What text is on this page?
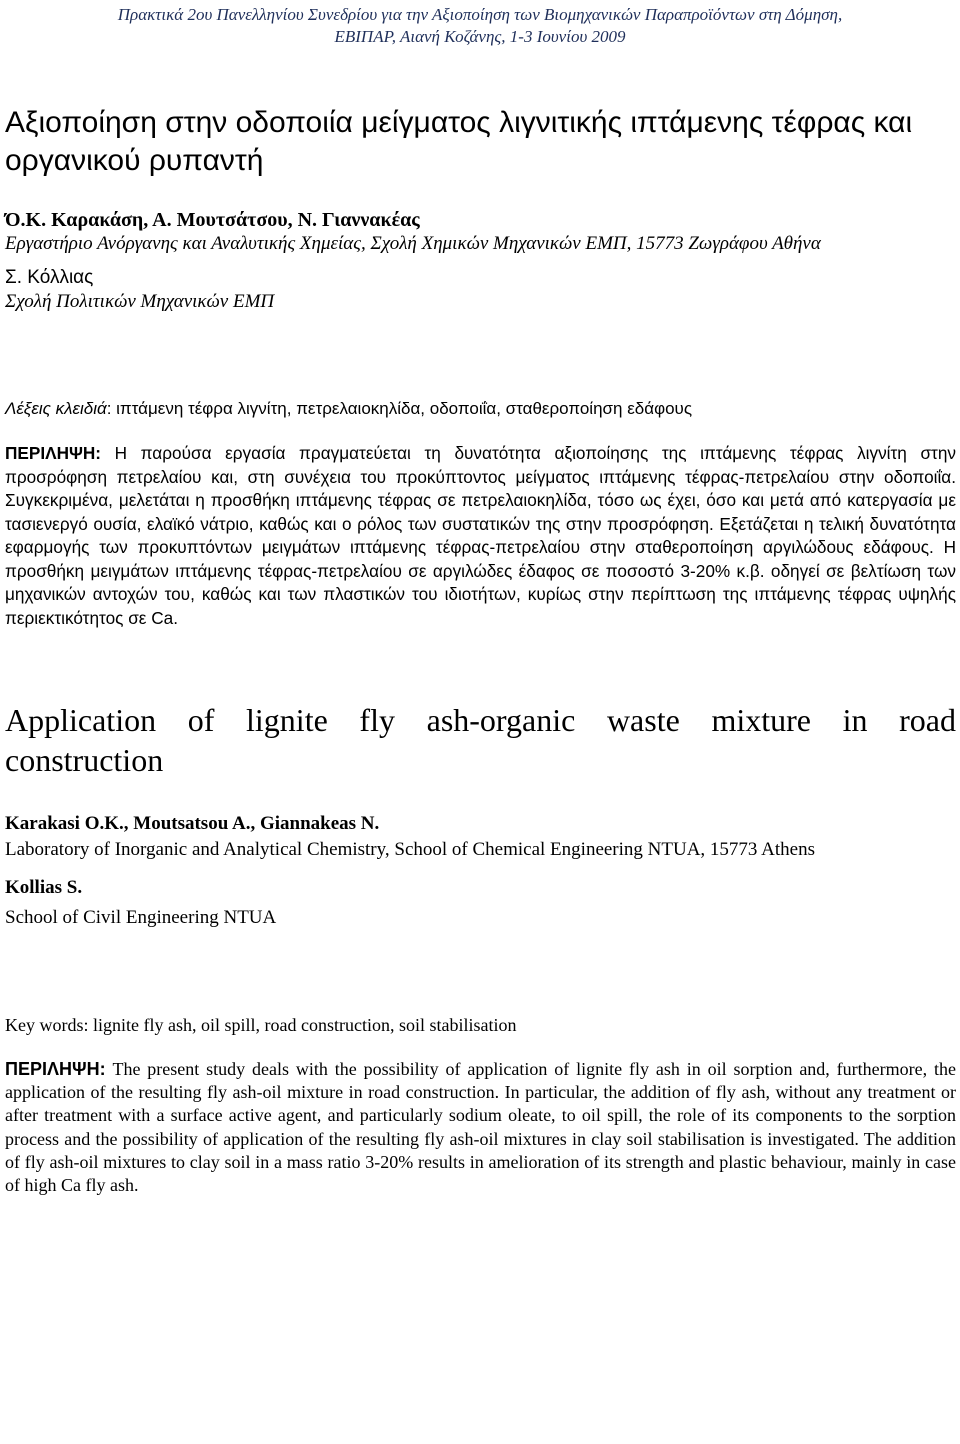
Πρακτικά 2ου Πανελληνίου Συνεδρίου για την Αξιοποίηση των Βιομηχανικών Παραπροϊόντων στη Δόμηση,
ΕΒΙΠΑΡ, Αιανή Κοζάνης, 1-3 Ιουνίου 2009
Αξιοποίηση στην οδοποιία μείγματος λιγνιτικής ιπτάμενης τέφρας και οργανικού ρυπαντή
Ό.Κ. Καρακάση, Α. Μουτσάτσου, Ν. Γιαννακέας
Εργαστήριο Ανόργανης και Αναλυτικής Χημείας, Σχολή Χημικών Μηχανικών ΕΜΠ, 15773 Ζωγράφου Αθήνα
Σ. Κόλλιας
Σχολή Πολιτικών Μηχανικών ΕΜΠ

Λέξεις κλειδιά: ιπτάμενη τέφρα λιγνίτη, πετρελαιοκηλίδα, οδοποιΐα, σταθεροποίηση εδάφους

ΠΕΡΙΛΗΨΗ: Η παρούσα εργασία πραγματεύεται τη δυνατότητα αξιοποίησης της ιπτάμενης τέφρας λιγνίτη στην προσρόφηση πετρελαίου και, στη συνέχεια του προκύπτοντος μείγματος ιπτάμενης τέφρας-πετρελαίου στην οδοποιΐα. Συγκεκριμένα, μελετάται η προσθήκη ιπτάμενης τέφρας σε πετρελαιοκηλίδα, τόσο ως έχει, όσο και μετά από κατεργασία με τασιενεργό ουσία, ελαϊκό νάτριο, καθώς και ο ρόλος των συστατικών της στην προσρόφηση. Εξετάζεται η τελική δυνατότητα εφαρμογής των προκυπτόντων μειγμάτων ιπτάμενης τέφρας-πετρελαίου στην σταθεροποίηση αργιλώδους εδάφους. Η προσθήκη μειγμάτων ιπτάμενης τέφρας-πετρελαίου σε αργιλώδες έδαφος σε ποσοστό 3-20% κ.β. οδηγεί σε βελτίωση των μηχανικών αντοχών του, καθώς και των πλαστικών του ιδιοτήτων, κυρίως στην περίπτωση της ιπτάμενης τέφρας υψηλής περιεκτικότητος σε Ca.

Application of lignite fly ash-organic waste mixture in road construction
Karakasi O.K., Moutsatsou A., Giannakeas N.
Laboratory of Inorganic and Analytical Chemistry, School of Chemical Engineering NTUA, 15773 Athens
Kollias S.
School of Civil Engineering NTUA

Key words: lignite fly ash, oil spill, road construction, soil stabilisation

ΠΕΡΙΛΗΨΗ: The present study deals with the possibility of application of lignite fly ash in oil sorption and, furthermore, the application of the resulting fly ash-oil mixture in road construction. In particular, the addition of fly ash, without any treatment or after treatment with a surface active agent, and particularly sodium oleate, to oil spill, the role of its components to the sorption process and the possibility of application of the resulting fly ash-oil mixtures in clay soil stabilisation is investigated. The addition of fly ash-oil mixtures to clay soil in a mass ratio 3-20% results in amelioration of its strength and plastic behaviour, mainly in case of high Ca fly ash.
